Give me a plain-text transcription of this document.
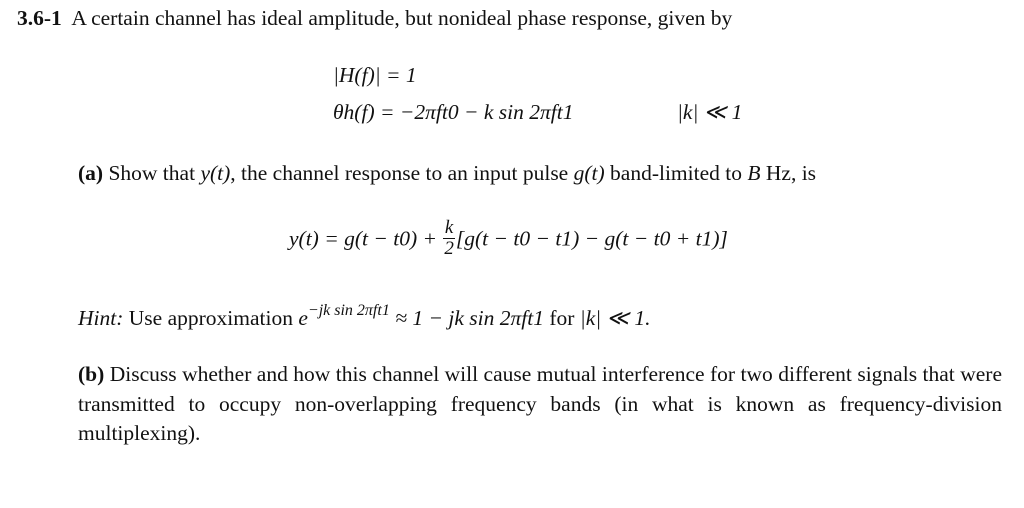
3.6-1 A certain channel has ideal amplitude, but nonideal phase response, given by
|H(f)| = 1
θh(f) = −2πft0 − k sin 2πft1	|k| ≪ 1
(a) Show that y(t), the channel response to an input pulse g(t) band-limited to B Hz, is
$y(t) = g(t - t0) + \frac{k}{2} [g(t - t0 - t1) - g(t - t0 + t1)]$
Hint: Use approximation $e^{-jk sin 2\pi ft1} \approx 1$ − jk sin 2πft1 for |k| ≪ 1.
(b) Discuss whether and how this channel will cause mutual interference for two different signals that were transmitted to occupy non-overlapping frequency bands (in what is known as frequency-division multiplexing).
